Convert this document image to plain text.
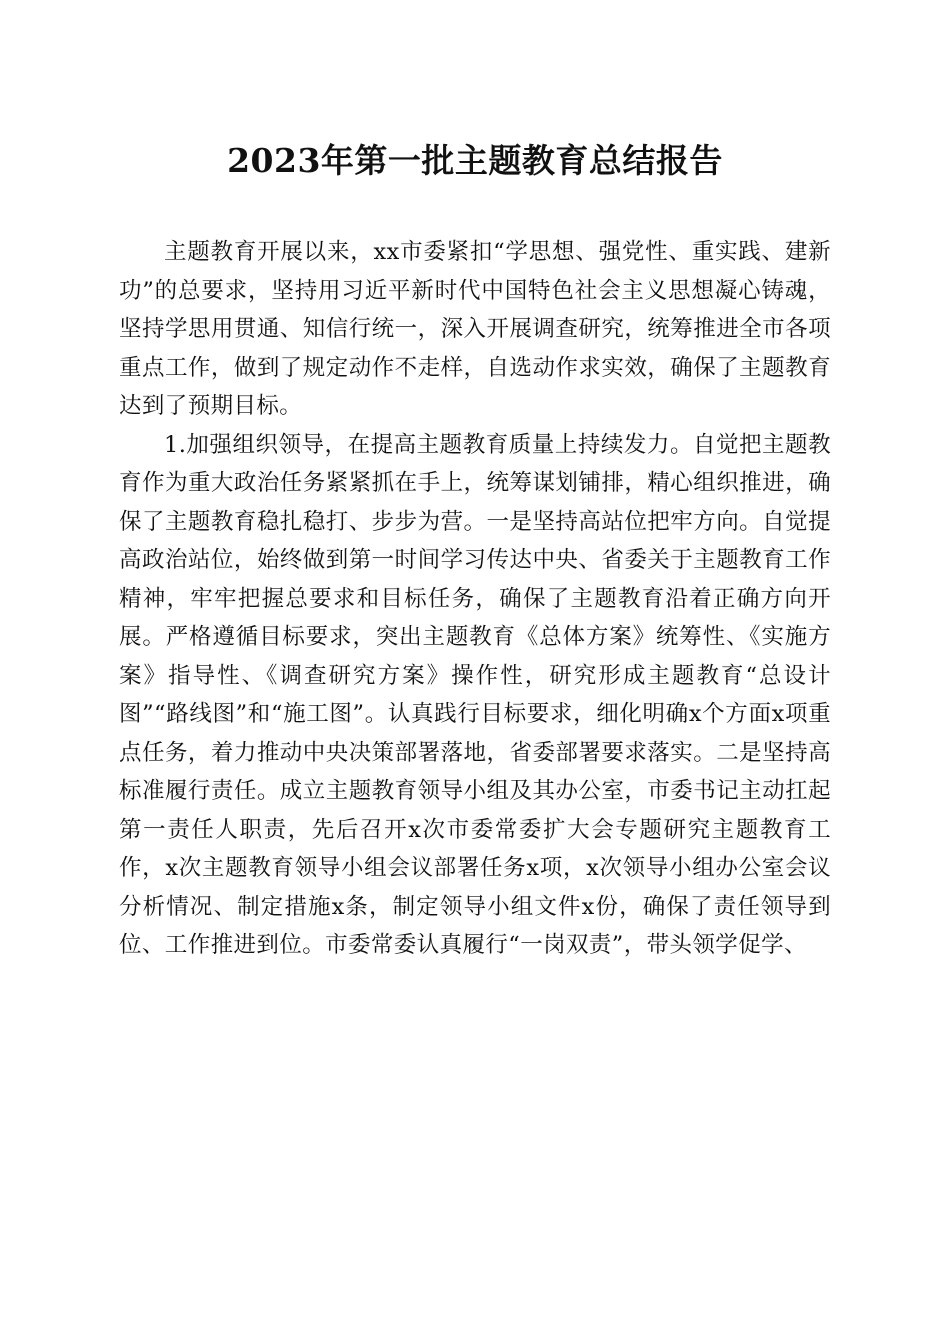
2023年第一批主题教育总结报告

主题教育开展以来，xx市委紧扣“学思想、强党性、重实践、建新功”的总要求，坚持用习近平新时代中国特色社会主义思想凝心铸魂，坚持学思用贯通、知信行统一，深入开展调查研究，统筹推进全市各项重点工作，做到了规定动作不走样，自选动作求实效，确保了主题教育达到了预期目标。

1.加强组织领导，在提高主题教育质量上持续发力。自觉把主题教育作为重大政治任务紧紧抓在手上，统筹谋划铺排，精心组织推进，确保了主题教育稳扎稳打、步步为营。一是坚持高站位把牢方向。自觉提高政治站位，始终做到第一时间学习传达中央、省委关于主题教育工作精神，牢牢把握总要求和目标任务，确保了主题教育沿着正确方向开展。严格遵循目标要求，突出主题教育《总体方案》统筹性、《实施方案》指导性、《调查研究方案》操作性，研究形成主题教育“总设计图”“路线图”和“施工图”。认真践行目标要求，细化明确x个方面x项重点任务，着力推动中央决策部署落地，省委部署要求落实。二是坚持高标准履行责任。成立主题教育领导小组及其办公室，市委书记主动扛起第一责任人职责，先后召开x次市委常委扩大会专题研究主题教育工作，x次主题教育领导小组会议部署任务x项，x次领导小组办公室会议分析情况、制定措施x条，制定领导小组文件x份，确保了责任领导到位、工作推进到位。市委常委认真履行“一岗双责”，带头领学促学、
